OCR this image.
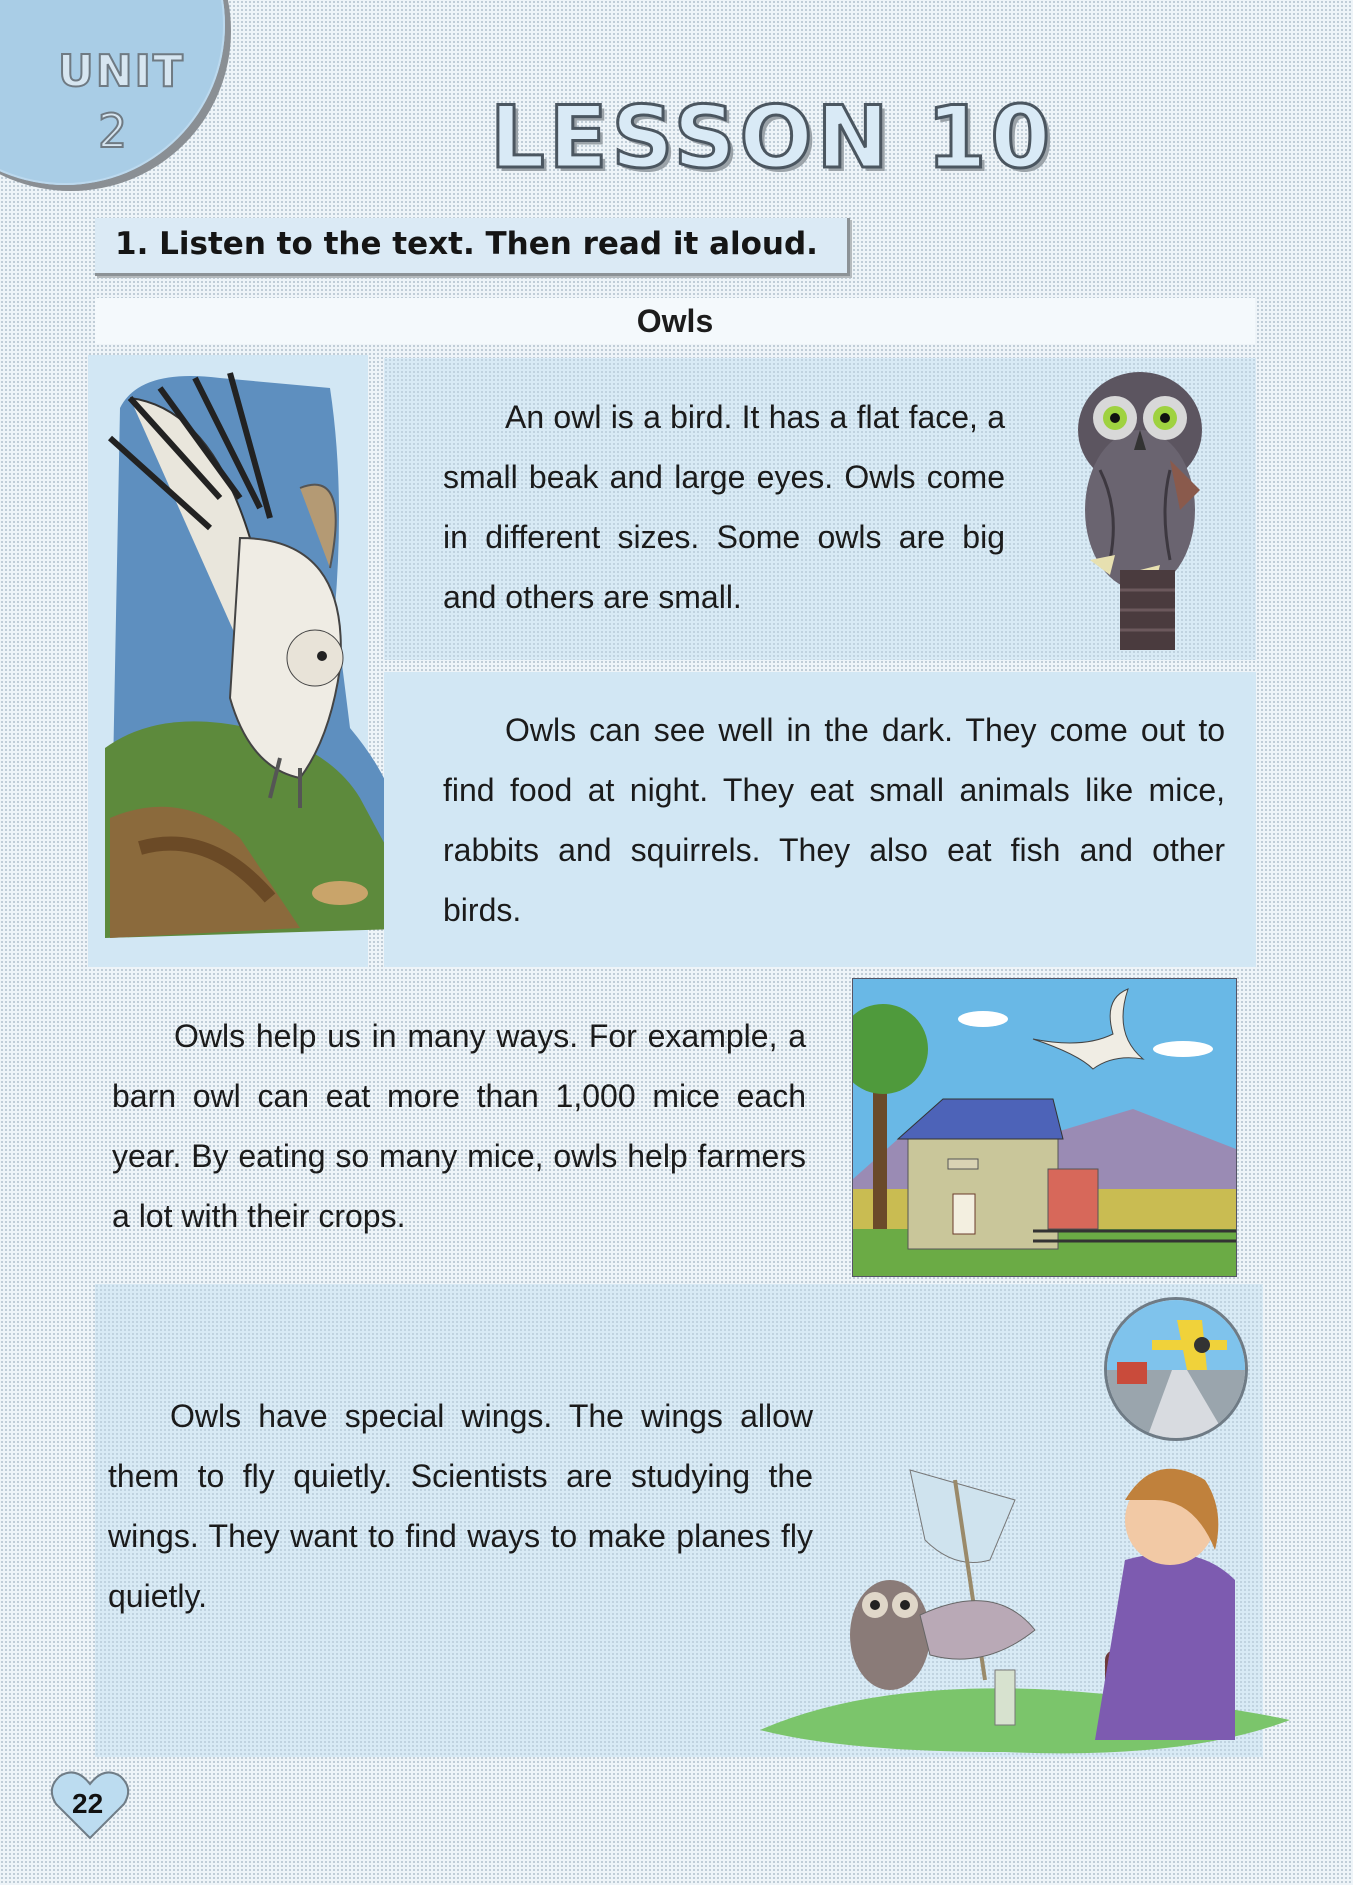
UNIT
2	LESSON 10
1. Listen to the text. Then read it aloud.
Owls

An owl is a bird. It has a flat face, a small beak and large eyes. Owls come in different sizes. Some owls are big and others are small.

Owls can see well in the dark. They come out to find food at night. They eat small animals like mice, rabbits and squirrels. They also eat fish and other birds.

Owls help us in many ways. For example, a barn owl can eat more than 1,000 mice each year. By eating so many mice, owls help farmers a lot with their crops.

Owls have special wings. The wings allow them to fly quietly. Scientists are studying the wings. They want to find ways to make planes fly quietly.

22
